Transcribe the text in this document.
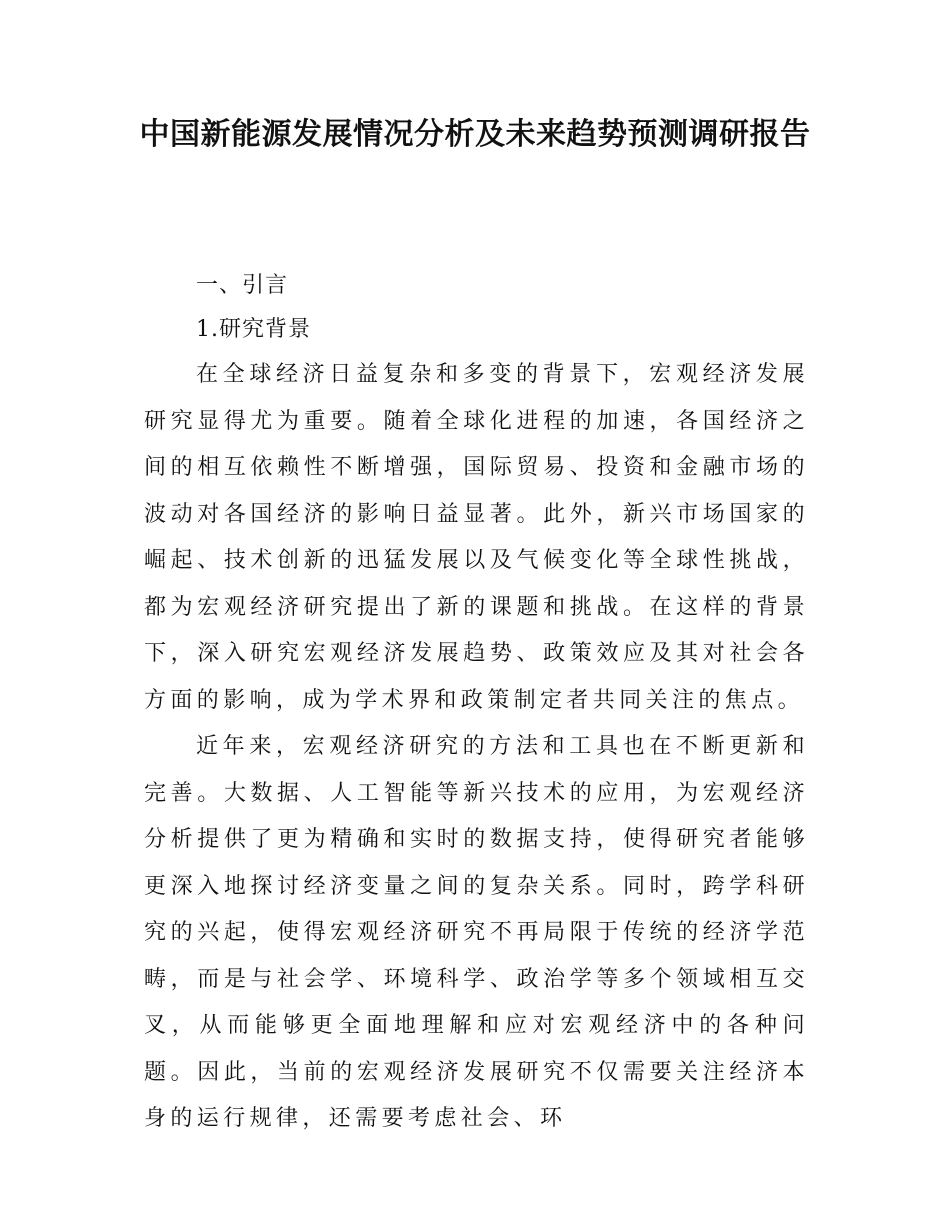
中国新能源发展情况分析及未来趋势预测调研报告
一、引言
1.研究背景

在全球经济日益复杂和多变的背景下，宏观经济发展研究显得尤为重要。随着全球化进程的加速，各国经济之间的相互依赖性不断增强，国际贸易、投资和金融市场的波动对各国经济的影响日益显著。此外，新兴市场国家的崛起、技术创新的迅猛发展以及气候变化等全球性挑战，都为宏观经济研究提出了新的课题和挑战。在这样的背景下，深入研究宏观经济发展趋势、政策效应及其对社会各方面的影响，成为学术界和政策制定者共同关注的焦点。

近年来，宏观经济研究的方法和工具也在不断更新和完善。大数据、人工智能等新兴技术的应用，为宏观经济分析提供了更为精确和实时的数据支持，使得研究者能够更深入地探讨经济变量之间的复杂关系。同时，跨学科研究的兴起，使得宏观经济研究不再局限于传统的经济学范畴，而是与社会学、环境科学、政治学等多个领域相互交叉，从而能够更全面地理解和应对宏观经济中的各种问题。因此，当前的宏观经济发展研究不仅需要关注经济本身的运行规律，还需要考虑社会、环
